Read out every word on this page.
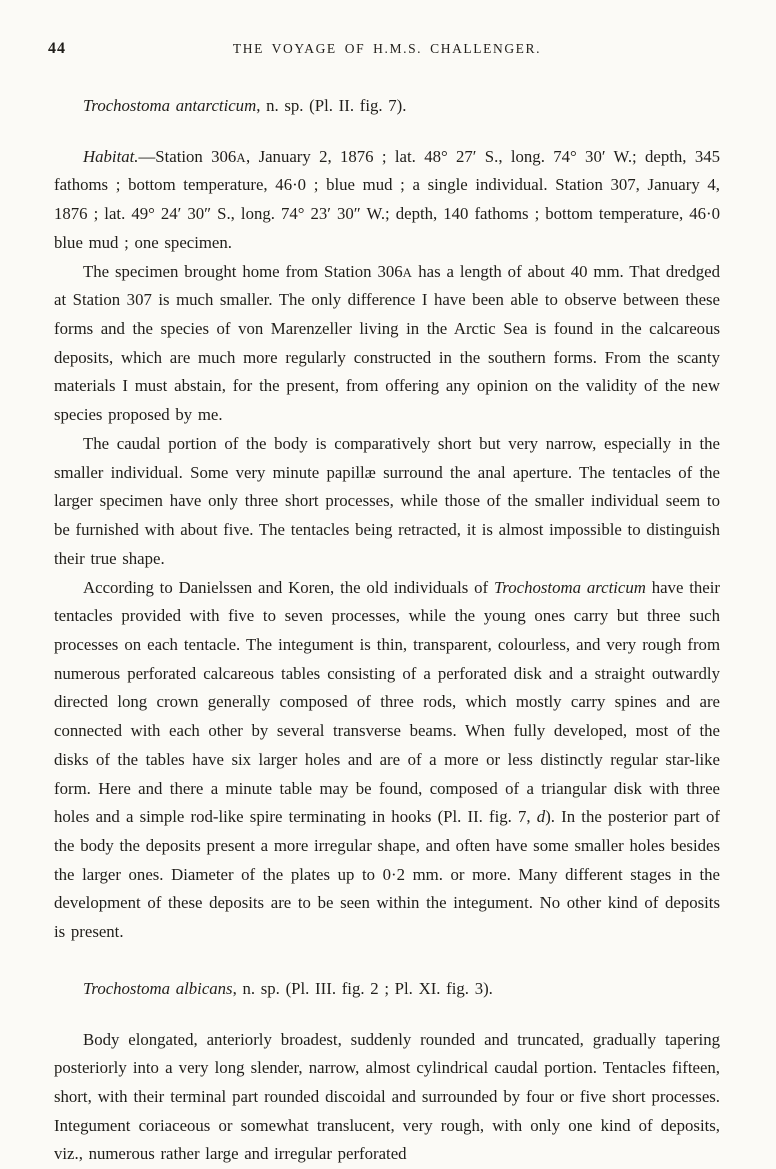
44	THE VOYAGE OF H.M.S. CHALLENGER.

Trochostoma antarcticum, n. sp. (Pl. II. fig. 7).

Habitat.—Station 306A, January 2, 1876 ; lat. 48° 27′ S., long. 74° 30′ W.; depth, 345 fathoms ; bottom temperature, 46·0 ; blue mud ; a single individual. Station 307, January 4, 1876 ; lat. 49° 24′ 30″ S., long. 74° 23′ 30″ W.; depth, 140 fathoms ; bottom temperature, 46·0 blue mud ; one specimen.

The specimen brought home from Station 306A has a length of about 40 mm. That dredged at Station 307 is much smaller. The only difference I have been able to observe between these forms and the species of von Marenzeller living in the Arctic Sea is found in the calcareous deposits, which are much more regularly constructed in the southern forms. From the scanty materials I must abstain, for the present, from offering any opinion on the validity of the new species proposed by me.

The caudal portion of the body is comparatively short but very narrow, especially in the smaller individual. Some very minute papillæ surround the anal aperture. The tentacles of the larger specimen have only three short processes, while those of the smaller individual seem to be furnished with about five. The tentacles being retracted, it is almost impossible to distinguish their true shape.

According to Danielssen and Koren, the old individuals of Trochostoma arcticum have their tentacles provided with five to seven processes, while the young ones carry but three such processes on each tentacle. The integument is thin, transparent, colourless, and very rough from numerous perforated calcareous tables consisting of a perforated disk and a straight outwardly directed long crown generally composed of three rods, which mostly carry spines and are connected with each other by several transverse beams. When fully developed, most of the disks of the tables have six larger holes and are of a more or less distinctly regular star-like form. Here and there a minute table may be found, composed of a triangular disk with three holes and a simple rod-like spire terminating in hooks (Pl. II. fig. 7, d). In the posterior part of the body the deposits present a more irregular shape, and often have some smaller holes besides the larger ones. Diameter of the plates up to 0·2 mm. or more. Many different stages in the development of these deposits are to be seen within the integument. No other kind of deposits is present.

Trochostoma albicans, n. sp. (Pl. III. fig. 2 ; Pl. XI. fig. 3).

Body elongated, anteriorly broadest, suddenly rounded and truncated, gradually tapering posteriorly into a very long slender, narrow, almost cylindrical caudal portion. Tentacles fifteen, short, with their terminal part rounded discoidal and surrounded by four or five short processes. Integument coriaceous or somewhat translucent, very rough, with only one kind of deposits, viz., numerous rather large and irregular perforated
